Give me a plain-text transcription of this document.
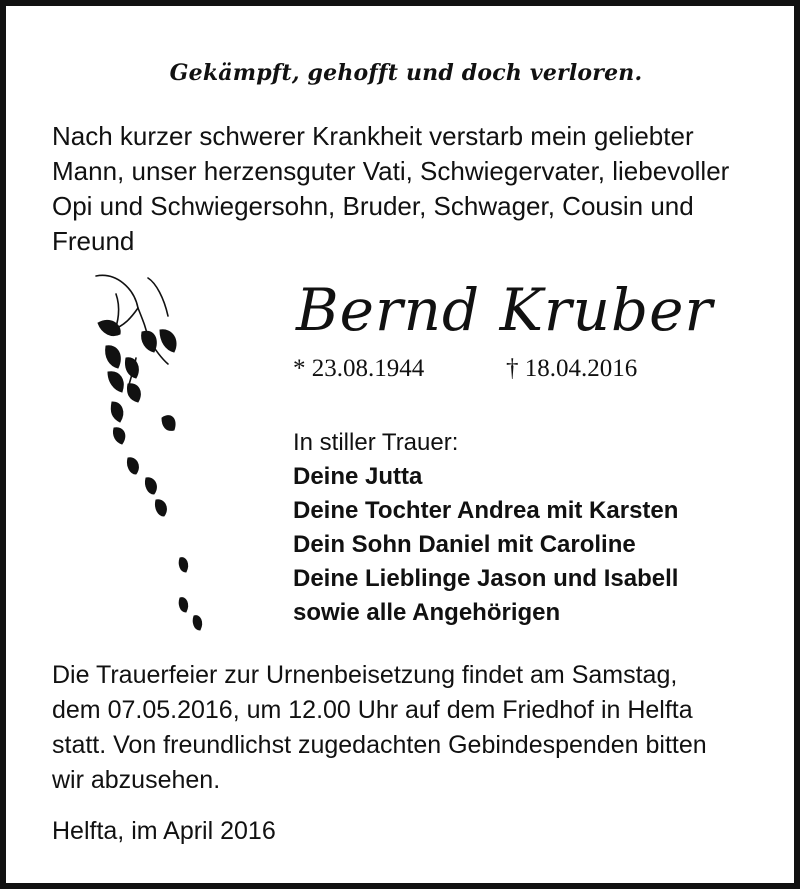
Gekämpft, gehofft und doch verloren.
Nach kurzer schwerer Krankheit verstarb mein geliebter
Mann, unser herzensguter Vati, Schwiegervater, liebevoller
Opi und Schwiegersohn, Bruder, Schwager, Cousin und
Freund
Bernd Kruber
* 23.08.1944	† 18.04.2016
In stiller Trauer:
Deine Jutta
Deine Tochter Andrea mit Karsten
Dein Sohn Daniel mit Caroline
Deine Lieblinge Jason und Isabell
sowie alle Angehörigen
Die Trauerfeier zur Urnenbeisetzung findet am Samstag,
dem 07.05.2016, um 12.00 Uhr auf dem Friedhof in Helfta
statt. Von freundlichst zugedachten Gebindespenden bitten
wir abzusehen.
Helfta, im April 2016
